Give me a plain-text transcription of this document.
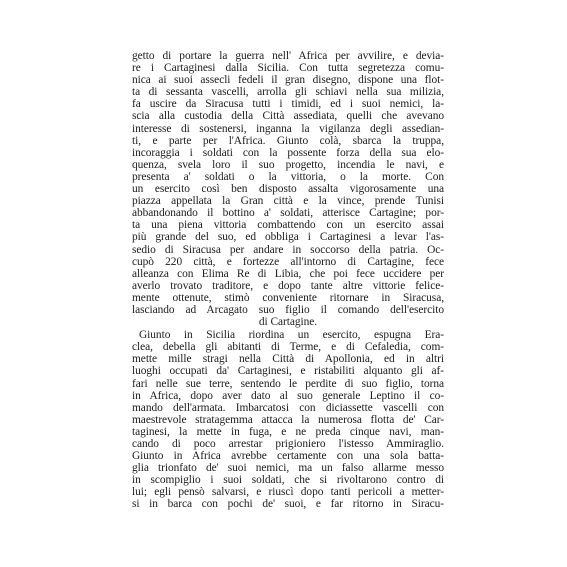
getto di portare la guerra nell' Africa per avvilire, e devia-
re i Cartaginesi dalla Sicilia. Con tutta segretezza comu-
nica ai suoi assecli fedeli il gran disegno, dispone una flot-
ta di sessanta vascelli, arrolla gli schiavi nella sua milizia,
fa uscire da Siracusa tutti i timidi, ed i suoi nemici, la-
scia alla custodia della Città assediata, quelli che avevano
interesse di sostenersi, inganna la vigilanza degli assedian-
ti, e parte per l'Africa. Giunto colà, sbarca la truppa,
incoraggia i soldati con la possente forza della sua elo-
quenza, svela loro il suo progetto, incendia le navi, e
presenta a' soldati o la vittoria, o la morte. Con
un esercito così ben disposto assalta vigorosamente una
piazza appellata la Gran città e la vince, prende Tunisi
abbandonando il bottino a' soldati, atterisce Cartagine; por-
ta una piena vittoria combattendo con un esercito assai
più grande del suo, ed obbliga i Cartaginesi a levar l'as-
sedio di Siracusa per andare in soccorso della patria. Oc-
cupò 220 città, e fortezze all'intorno di Cartagine, fece
alleanza con Elima Re di Libia, che poi fece uccidere per
averlo trovato traditore, e dopo tante altre vittorie felice-
mente ottenute, stimò conveniente ritornare in Siracusa,
lasciando ad Arcagato suo figlio il comando dell'esercito
di Cartagine.
Giunto in Sicilia riordina un esercito, espugna Era-
clea, debella gli abitanti di Terme, e di Cefaledia, com-
mette mille stragi nella Città di Apollonia, ed in altri
luoghi occupati da' Cartaginesi, e ristabiliti alquanto gli af-
fari nelle sue terre, sentendo le perdite di suo figlio, torna
in Africa, dopo aver dato al suo generale Leptino il co-
mando dell'armata. Imbarcatosi con diciassette vascelli con
maestrevole stratagemma attacca la numerosa flotta de' Car-
taginesi, la mette in fuga, e ne preda cinque navi, man-
cando di poco arrestar prigioniero l'istesso Ammiraglio.
Giunto in Africa avrebbe certamente con una sola batta-
glia trionfato de' suoi nemici, ma un falso allarme messo
in scompiglio i suoi soldati, che si rivoltarono contro di
lui; egli pensò salvarsi, e riuscì dopo tanti pericoli a metter-
si in barca con pochi de' suoi, e far ritorno in Siracu-
